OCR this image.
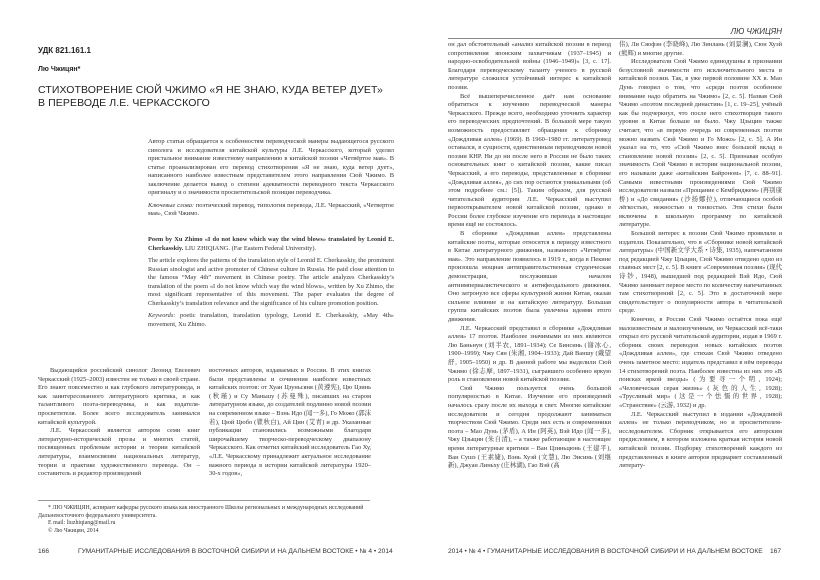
УДК 821.161.1
Лю Чжицян*
СТИХОТВОРЕНИЕ СЮЙ ЧЖИМО «Я НЕ ЗНАЮ, КУДА ВЕТЕР ДУЕТ»
В ПЕРЕВОДЕ Л.Е. ЧЕРКАССКОГО

Автор статьи обращается к особенностям переводческой манеры выдающегося русского синолога и исследователя китайской культуры Л.Е. Черкасского, который уделял пристальное внимание известному направлению в китайской поэзии «Четвёртое мая». В статье проанализирован его перевод стихотворения «Я не знаю, куда ветер дует», написанного наиболее известным представителем этого направления Сюй Чжимо. В заключение делается вывод о степени адекватности переводного текста Черкасского оригиналу и о значимости просветительской позиции переводчика.

Ключевые слова: поэтический перевод, типология перевода, Л.Е. Черкасский, «Четвертое мая», Сюй Чжимо.

Poem by Xu Zhimo «I do not know which way the wind blows» translated by Leonid E. Cherkasskiy. LIU ZHIQIANG. (Far Eastern Federal University).

The article explores the patterns of the translation style of Leonid E. Cherkasskiy, the prominent Russian sinologist and active promoter of Chinese culture in Russia. He paid close attention to the famous “May 4th” movement in Chinese poetry. The article analyzes Cherkasskiy’s translation of the poem «I do not know which way the wind blows», written by Xu Zhimo, the most significant representative of this movement. The paper evaluates the degree of Cherkasskiy’s translation relevance and the significance of his culture promotion position.

Keywords: poetic translation, translation typology, Leonid E. Cherkasskiy, «May 4th» movement, Xu Zhimo.

Выдающийся российский синолог Леонид Евсеевич Черкасский (1925–2003) известен не только в своей стране. Его знают повсеместно и как глубокого литературоведа, и как заинтересованного литературного критика, и как талантливого поэта-переводчика, и как издателя-просветителя. Более всего исследователь занимался китайской культурой.

Л.Е. Черкасский является автором семи книг литературно-исторической прозы и многих статей, посвященных проблемам истории и теории китайской литературы, взаимосвязям национальных литератур, теории и практике художественного перевода. Он – составитель и редактор произведений

восточных авторов, издаваемых в России. В этих книгах были представлены и сочинения наиболее известных китайских поэтов: от Хуан Цзуньсяня (黄遵宪), Цю Цзинь (秋瑾) и Су Маньшу (苏曼殊), писавших на старом литературном языке, до создателей подлинно новой поэзии на современном языке – Вэнь Идо (闻一多), Го Можо (郭沫若), Цюй Цюбо (瞿秋白), Ай Цин (艾青) и др. Указанные публикации становились возможными благодаря широчайшему творческо-переводческому диапазону Черкасского. Как отметил китайский исследователь Гао Ху, «Л.Е. Черкасскому принадлежит актуальное исследование важного периода в истории китайской литературы 1920–30-х годов»,

* ЛЮ ЧЖИЦЯН, аспирант кафедры русского языка как иностранного Школы региональных и международных исследований Дальневосточного федерального университета.

E mail: liuzhiqiang@mail.ru

© Лю Чжицян, 2014

166	ГУМАНИТАРНЫЕ ИССЛЕДОВАНИЯ В ВОСТОЧНОЙ СИБИРИ И НА ДАЛЬНЕМ ВОСТОКЕ • № 4 • 2014
ЛЮ ЧЖИЦЯН

он дал обстоятельный «анализ китайской поэзии в период сопротивления японским захватчикам (1937–1945) и народно-освободительной войны (1946–1949)» [3, с. 17]. Благодаря переводческому таланту ученого в русской литературе сложился устойчивый интерес к китайской поэзии.

Всё вышеперечисленное даёт нам основание обратиться к изучению переводческой манеры Черкасского. Прежде всего, необходимо уточнить характер его переводческих предпочтений. В большой мере такую возможность предоставляет обращение к сборнику «Дождливая аллея» (1969). В 1960–1980 гг. литературовед оставался, в сущности, единственным переводчиком новой поэзии КНР. Ни до ни после него в России не было таких основательных книг о китайской поэзии, какие писал Черкасский, а его переводы, представленные в сборнике «Дождливая аллея», до сих пор остаются уникальными (об этом подробнее см.: [5]). Таким образом, для русской читательской аудитории Л.Е. Черкасский выступил первооткрывателем новой китайской поэзии, однако в России более глубокое изучение его перевода в настоящее время ещё не состоялось.

В сборнике «Дождливая аллея» представлены китайские поэты, которые относятся к периоду известного в Китае литературного движения, названного «Четвёртое мая». Это направление появилось в 1919 г., когда в Пекине произошла мощная антиправительственная студенческая демонстрация, послужившая началом антиимпериалистического и антифеодального движения. Оно затронуло все сферы культурной жизни Китая, оказав сильное влияние и на китайскую литературу. Большая группа китайских поэтов была увлечена идеями этого движения.

Л.Е. Черкасский представил в сборнике «Дождливая аллея» 17 поэтов. Наиболее значимыми из них являются Лю Баньнун (刘半农, 1891–1934); Се Бинсинь (谢冰心, 1900–1999); Чжу Сян (朱湘, 1904–1933); Дай Ваншу (戴望舒, 1905–1950) и др. В данной работе мы выделили Сюй Чжимо (徐志摩, 1897–1931), сыгравшего особенно яркую роль в становлении новой китайской поэзии.

Сюй Чжимо пользуется очень большой популярностью в Китае. Изучение его произведений началось сразу после их выхода в свет. Многие китайские исследователи и сегодня продолжают заниматься творчеством Сюй Чжимо. Среди них есть и современники поэта – Мао Дунь (茅盾), А Ин (阿英), Вэй Идо (闻一多), Чжу Цзыцин (朱自清), – а также работающие в настоящее время литературные критики – Ван Цзиньцюнь (王建平), Ван Сушэ (王素婕), Вэнь Хуэй (文慧), Лю Эисинь (刘继新), Джуан Линьху (庄林湖), Гао Вэй (高

伟), Ли Сяофэн (李晓峰), Лю Зинлань (刘景澜), Сюн Хуэй (熊辉) и многие другие.

Исследователи Сюй Чжимо единодушны в признании безусловной значимости его исключительного места в китайской поэзии. Так, в уже первой половине XX в. Мао Дунь говорил о том, что «среди поэтов особенное внимание надо обратить на Чжимо» [2, с. 5]. Назвав Сюй Чжимо «поэтом последней династии» [1, с. 19–25], учёный как бы подчеркнул, что после него стихотворцев такого уровня в Китае больше не было. Чжу Цзыцин также считает, что «в первую очередь из современных поэтов можно назвать Сюй Чжимо и Го Можо» [2, с. 5]. А Ин указал на то, что «Сюй Чжимо внес большой вклад в становление новой поэзии» [2, с. 5]. Признавая особую значимость Сюй Чжимо в истории национальной поэзии, его называли даже «китайским Байроном» [7, с. 88–91]. Самыми известными произведениями Сюй Чжимо исследователи назвали «Прощание с Кембриджем» (再别康桥) и «До свидания» (沙扬娜拉), отличающиеся особой лёгкостью, нежностью и тонкостью. Эти стихи были включены в школьную программу по китайской литературе.

Большой интерес к поэзии Сюй Чжимо проявляли и издатели. Показательно, что в «Сборнике новой китайской литературы» (中国新文学大系 • 诗集, 1935), напечатанном под редакцией Чжу Цзыцин, Сюй Чжимо отведено одно из главных мест [2, с. 5]. В книге «Современная поэзия» (现代诗钞, 1948), вышедшей под редакцией Вэй Идо, Сюй Чжимо занимает первое место по количеству напечатанных там стихотворений [2, с. 5]. Это в достаточной мере свидетельствует о популярности автора в читательской среде.

Конечно, в России Сюй Чжимо остаётся пока ещё малоизвестным и малоизученным, но Черкасский всё-таки открыл его русской читательской аудитории, издав в 1969 г. сборник своих переводов новых китайских поэтов «Дождливая аллея», где стихам Сюй Чжимо отведено очень заметное место: издатель представил в нём переводы 14 стихотворений поэта. Наиболее известны из них это «В поисках яркой звезды» (为要寻一个明, 1924); «Человеческая серая жизнь» (灰色的人生, 1928); «Трусливый мир» (这是一个怯懦的世界, 1928); «Странствие» (云游, 1932) и др.

Л.Е. Черкасский выступил в издании «Дождливой аллеи» не только переводчиком, но и просветителем-исследователем. Сборник открывается его авторским предисловием, в котором изложена краткая история новой китайской поэзии. Подборку стихотворений каждого из представленных в книге авторов предваряет составленный литерату-

2014 • № 4 • ГУМАНИТАРНЫЕ ИССЛЕДОВАНИЯ В ВОСТОЧНОЙ СИБИРИ И НА ДАЛЬНЕМ ВОСТОКЕ 167
